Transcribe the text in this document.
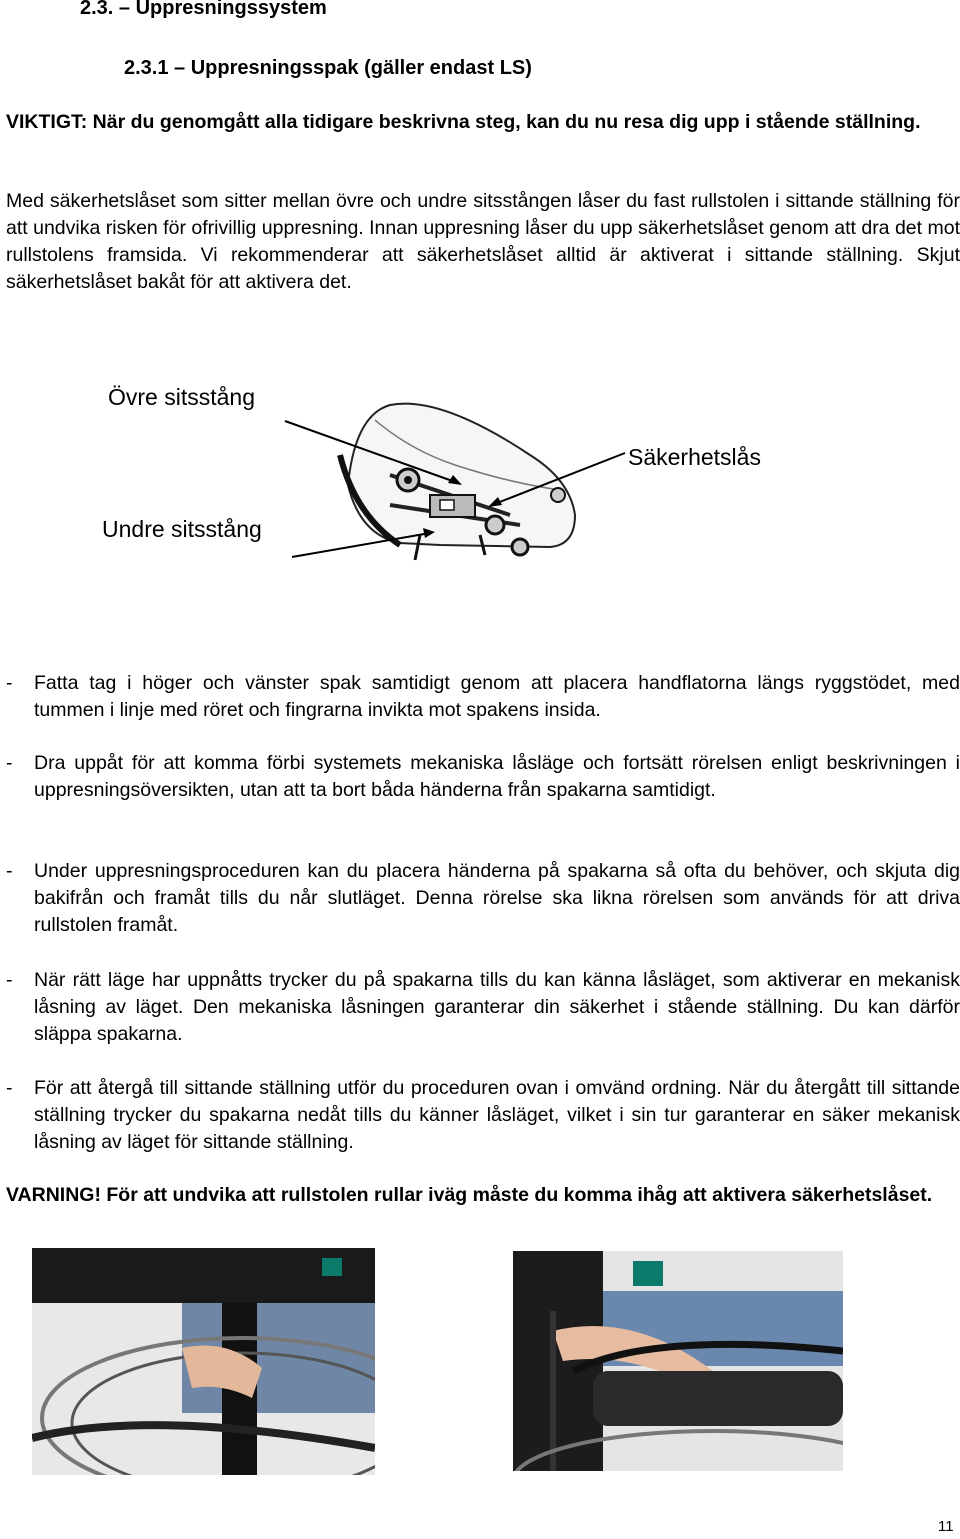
2.3. – Uppresningssystem
2.3.1 – Uppresningsspak (gäller endast LS)
VIKTIGT: När du genomgått alla tidigare beskrivna steg, kan du nu resa dig upp i stående ställning.
Med säkerhetslåset som sitter mellan övre och undre sitsstången låser du fast rullstolen i sittande ställning för att undvika risken för ofrivillig uppresning. Innan uppresning låser du upp säkerhetslåset genom att dra det mot rullstolens framsida. Vi rekommenderar att säkerhetslåset alltid är aktiverat i sittande ställning. Skjut säkerhetslåset bakåt för att aktivera det.
Övre sitsstång
Säkerhetslås
Undre sitsstång
- Fatta tag i höger och vänster spak samtidigt genom att placera handflatorna längs ryggstödet, med tummen i linje med röret och fingrarna invikta mot spakens insida.
- Dra uppåt för att komma förbi systemets mekaniska låsläge och fortsätt rörelsen enligt beskrivningen i uppresningsöversikten, utan att ta bort båda händerna från spakarna samtidigt.
- Under uppresningsproceduren kan du placera händerna på spakarna så ofta du behöver, och skjuta dig bakifrån och framåt tills du når slutläget. Denna rörelse ska likna rörelsen som används för att driva rullstolen framåt.
- När rätt läge har uppnåtts trycker du på spakarna tills du kan känna låsläget, som aktiverar en mekanisk låsning av läget. Den mekaniska låsningen garanterar din säkerhet i stående ställning. Du kan därför släppa spakarna.
- För att återgå till sittande ställning utför du proceduren ovan i omvänd ordning. När du återgått till sittande ställning trycker du spakarna nedåt tills du känner låsläget, vilket i sin tur garanterar en säker mekanisk låsning av läget för sittande ställning.
VARNING! För att undvika att rullstolen rullar iväg måste du komma ihåg att aktivera säkerhetslåset.
11
